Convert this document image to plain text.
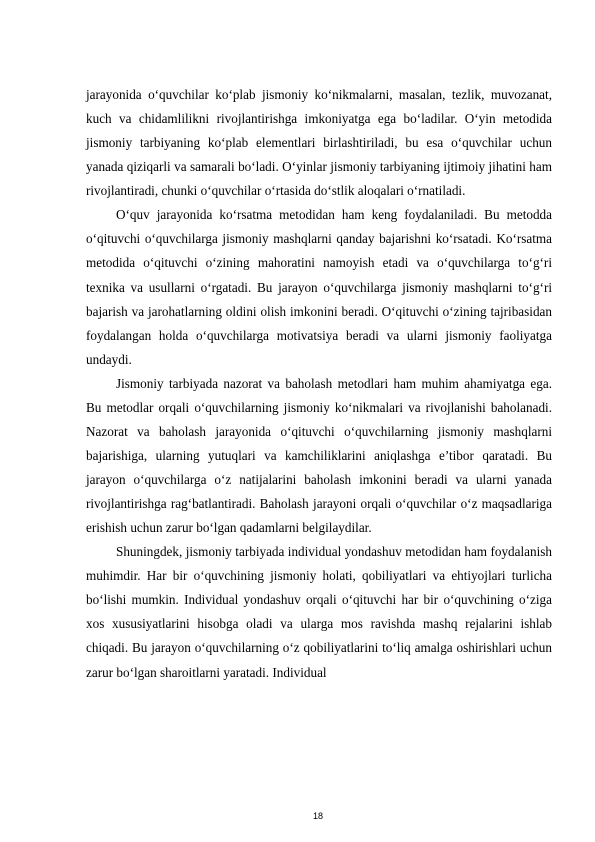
jarayonida o‘quvchilar ko‘plab jismoniy ko‘nikmalarni, masalan, tezlik, muvozanat, kuch va chidamlilikni rivojlantirishga imkoniyatga ega bo‘ladilar. O‘yin metodida jismoniy tarbiyaning ko‘plab elementlari birlashtiriladi, bu esa o‘quvchilar uchun yanada qiziqarli va samarali bo‘ladi. O‘yinlar jismoniy tarbiyaning ijtimoiy jihatini ham rivojlantiradi, chunki o‘quvchilar o‘rtasida do‘stlik aloqalari o‘rnatiladi.

O‘quv jarayonida ko‘rsatma metodidan ham keng foydalaniladi. Bu metodda o‘qituvchi o‘quvchilarga jismoniy mashqlarni qanday bajarishni ko‘rsatadi. Ko‘rsatma metodida o‘qituvchi o‘zining mahoratini namoyish etadi va o‘quvchilarga to‘g‘ri texnika va usullarni o‘rgatadi. Bu jarayon o‘quvchilarga jismoniy mashqlarni to‘g‘ri bajarish va jarohatlarning oldini olish imkonini beradi. O‘qituvchi o‘zining tajribasidan foydalangan holda o‘quvchilarga motivatsiya beradi va ularni jismoniy faoliyatga undaydi.

Jismoniy tarbiyada nazorat va baholash metodlari ham muhim ahamiyatga ega. Bu metodlar orqali o‘quvchilarning jismoniy ko‘nikmalari va rivojlanishi baholanadi. Nazorat va baholash jarayonida o‘qituvchi o‘quvchilarning jismoniy mashqlarni bajarishiga, ularning yutuqlari va kamchiliklarini aniqlashga e’tibor qaratadi. Bu jarayon o‘quvchilarga o‘z natijalarini baholash imkonini beradi va ularni yanada rivojlantirishga rag‘batlantiradi. Baholash jarayoni orqali o‘quvchilar o‘z maqsadlariga erishish uchun zarur bo‘lgan qadamlarni belgilaydilar.

Shuningdek, jismoniy tarbiyada individual yondashuv metodidan ham foydalanish muhimdir. Har bir o‘quvchining jismoniy holati, qobiliyatlari va ehtiyojlari turlicha bo‘lishi mumkin. Individual yondashuv orqali o‘qituvchi har bir o‘quvchining o‘ziga xos xususiyatlarini hisobga oladi va ularga mos ravishda mashq rejalarini ishlab chiqadi. Bu jarayon o‘quvchilarning o‘z qobiliyatlarini to‘liq amalga oshirishlari uchun zarur bo‘lgan sharoitlarni yaratadi. Individual

18
